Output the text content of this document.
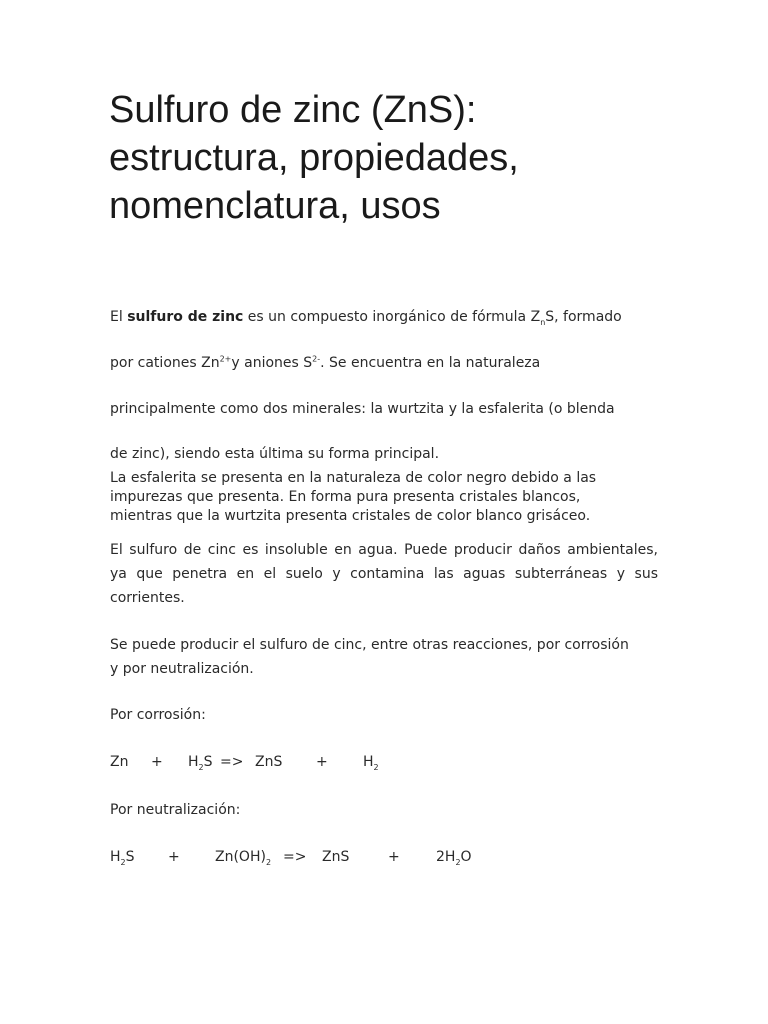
Sulfuro de zinc (ZnS):
estructura, propiedades,
nomenclatura, usos

El sulfuro de zinc es un compuesto inorgánico de fórmula $Z_nS$, formado

por cationes $Zn^{2+}y$ aniones $S^{2-}$. Se encuentra en la naturaleza

principalmente como dos minerales: la wurtzita y la esfalerita (o blenda

de zinc), siendo esta última su forma principal.

La esfalerita se presenta en la naturaleza de color negro debido a las
impurezas que presenta. En forma pura presenta cristales blancos,
mientras que la wurtzita presenta cristales de color blanco grisáceo.
El sulfuro de cinc es insoluble en agua. Puede producir daños ambientales,
ya que penetra en el suelo y contamina las aguas subterráneas y sus
corrientes.
Se puede producir el sulfuro de cinc, entre otras reacciones, por corrosión
y por neutralización.

Por corrosión:

$Zn + H_2S$ => ZnS +	$H_2$

Por neutralización:

$H_2S$ +	$Zn(OH)_2$ => ZnS	+	$2H_2O$
